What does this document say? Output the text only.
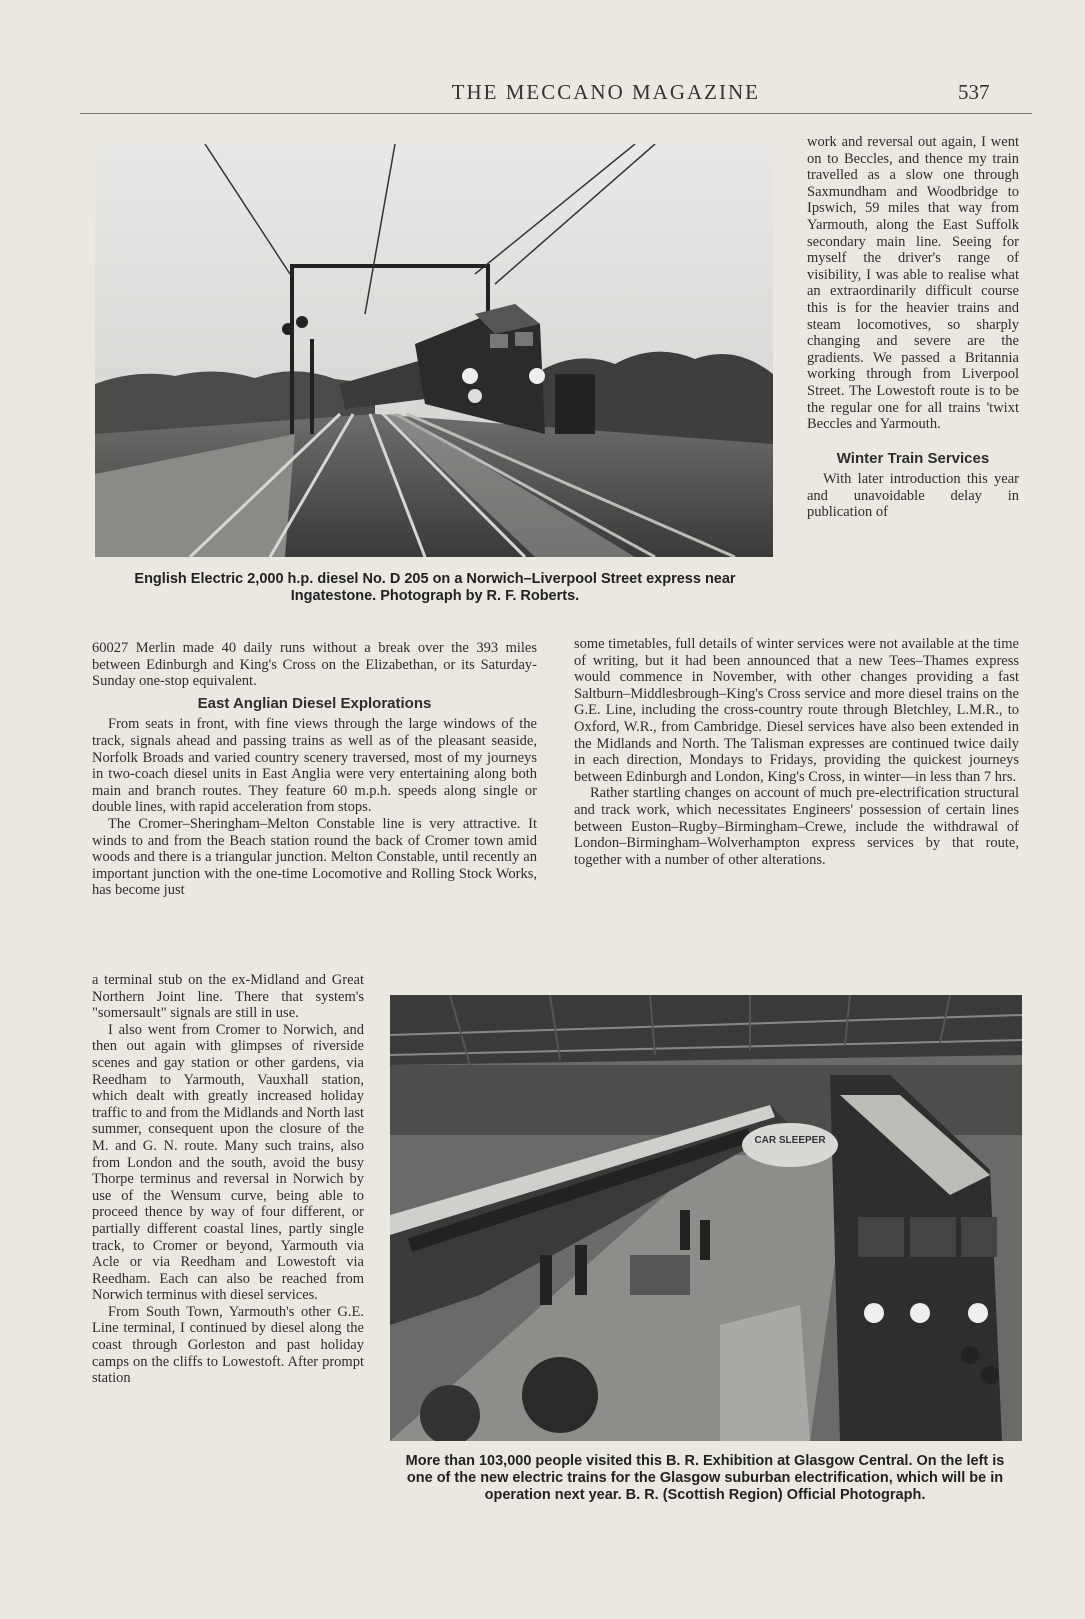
THE MECCANO MAGAZINE	537
English Electric 2,000 h.p. diesel No. D 205 on a Norwich–Liverpool Street express near Ingatestone. Photograph by R. F. Roberts.

work and reversal out again, I went on to Beccles, and thence my train travelled as a slow one through Saxmundham and Woodbridge to Ipswich, 59 miles that way from Yarmouth, along the East Suffolk secondary main line. Seeing for myself the driver's range of visibility, I was able to realise what an extraordinarily difficult course this is for the heavier trains and steam locomotives, so sharply changing and severe are the gradients. We passed a Britannia working through from Liverpool Street. The Lowestoft route is to be the regular one for all trains 'twixt Beccles and Yarmouth.

Winter Train Services

With later introduction this year and unavoidable delay in publication of

some timetables, full details of winter services were not available at the time of writing, but it had been announced that a new Tees–Thames express would commence in November, with other changes providing a fast Saltburn–Middlesbrough–King's Cross service and more diesel trains on the G.E. Line, including the cross-country route through Bletchley, L.M.R., to Oxford, W.R., from Cambridge. Diesel services have also been extended in the Midlands and North. The Talisman expresses are continued twice daily in each direction, Mondays to Fridays, providing the quickest journeys between Edinburgh and London, King's Cross, in winter—in less than 7 hrs.

Rather startling changes on account of much pre-electrification structural and track work, which necessitates Engineers' possession of certain lines between Euston–Rugby–Birmingham–Crewe, include the withdrawal of London–Birmingham–Wolverhampton express services by that route, together with a number of other alterations.

60027 Merlin made 40 daily runs without a break over the 393 miles between Edinburgh and King's Cross on the Elizabethan, or its Saturday-Sunday one-stop equivalent.

East Anglian Diesel Explorations

From seats in front, with fine views through the large windows of the track, signals ahead and passing trains as well as of the pleasant seaside, Norfolk Broads and varied country scenery traversed, most of my journeys in two-coach diesel units in East Anglia were very entertaining along both main and branch routes. They feature 60 m.p.h. speeds along single or double lines, with rapid acceleration from stops.

The Cromer–Sheringham–Melton Constable line is very attractive. It winds to and from the Beach station round the back of Cromer town amid woods and there is a triangular junction. Melton Constable, until recently an important junction with the one-time Locomotive and Rolling Stock Works, has become just

a terminal stub on the ex-Midland and Great Northern Joint line. There that system's "somersault" signals are still in use.

I also went from Cromer to Norwich, and then out again with glimpses of riverside scenes and gay station or other gardens, via Reedham to Yarmouth, Vauxhall station, which dealt with greatly increased holiday traffic to and from the Midlands and North last summer, consequent upon the closure of the M. and G. N. route. Many such trains, also from London and the south, avoid the busy Thorpe terminus and reversal in Norwich by use of the Wensum curve, being able to proceed thence by way of four different, or partially different coastal lines, partly single track, to Cromer or beyond, Yarmouth via Acle or via Reedham and Lowestoft via Reedham. Each can also be reached from Norwich terminus with diesel services.

From South Town, Yarmouth's other G.E. Line terminal, I continued by diesel along the coast through Gorleston and past holiday camps on the cliffs to Lowestoft. After prompt station

CAR SLEEPER
More than 103,000 people visited this B. R. Exhibition at Glasgow Central. On the left is one of the new electric trains for the Glasgow suburban electrification, which will be in operation next year. B. R. (Scottish Region) Official Photograph.
